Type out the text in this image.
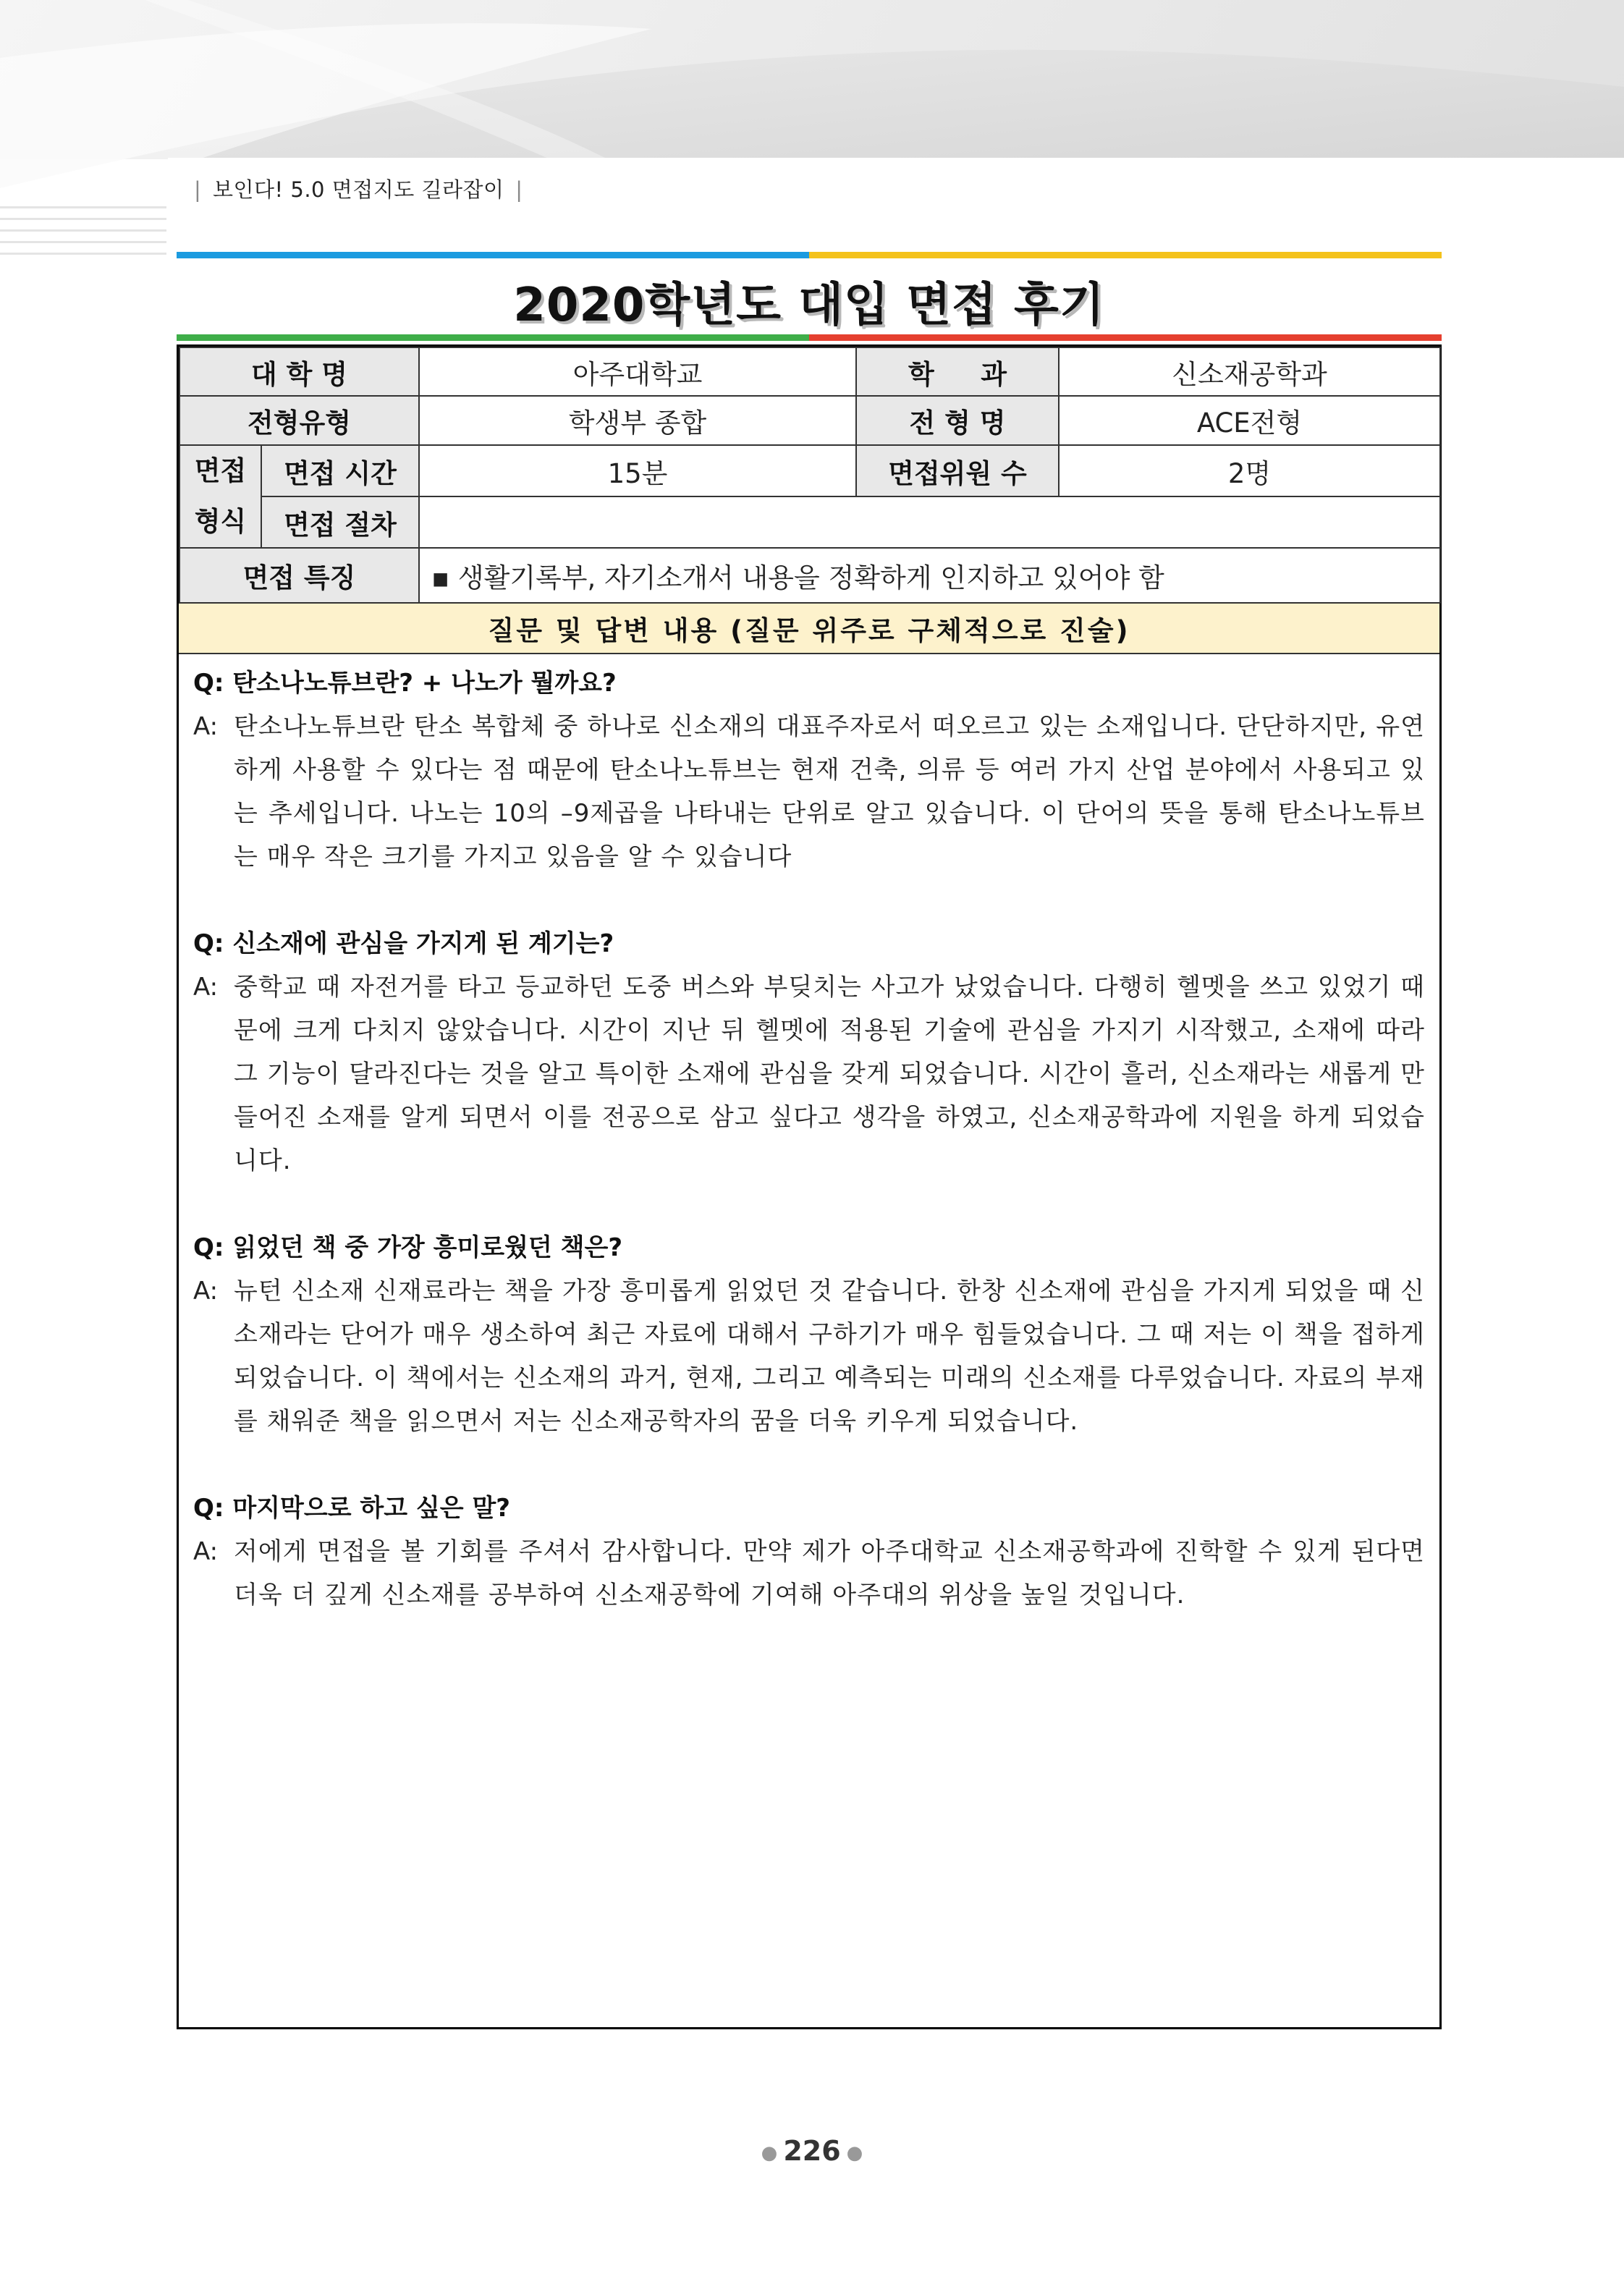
| 보인다! 5.0 면접지도 길라잡이 |
2020학년도 대입 면접 후기
대 학 명		아주대학교	학     과	신소재공학과
전형유형		학생부 종합	전 형 명	ACE전형

면접
형식	면접 시간	15분	면접위원 수	2명
	면접 절차			
면접 특징		▪ 생활기록부, 자기소개서 내용을 정확하게 인지하고 있어야 함		
질문 및 답변 내용 (질문 위주로 구체적으로 진술)

Q: 탄소나노튜브란? + 나노가 뭘까요?

A: 탄소나노튜브란 탄소 복합체 중 하나로 신소재의 대표주자로서 떠오르고 있는 소재입니다. 단단하지만, 유연하게 사용할 수 있다는 점 때문에 탄소나노튜브는 현재 건축, 의류 등 여러 가지 산업 분야에서 사용되고 있는 추세입니다. 나노는 10의 –9제곱을 나타내는 단위로 알고 있습니다. 이 단어의 뜻을 통해 탄소나노튜브는 매우 작은 크기를 가지고 있음을 알 수 있습니다

Q: 신소재에 관심을 가지게 된 계기는?

A: 중학교 때 자전거를 타고 등교하던 도중 버스와 부딪치는 사고가 났었습니다. 다행히 헬멧을 쓰고 있었기 때문에 크게 다치지 않았습니다. 시간이 지난 뒤 헬멧에 적용된 기술에 관심을 가지기 시작했고, 소재에 따라 그 기능이 달라진다는 것을 알고 특이한 소재에 관심을 갖게 되었습니다. 시간이 흘러, 신소재라는 새롭게 만들어진 소재를 알게 되면서 이를 전공으로 삼고 싶다고 생각을 하였고, 신소재공학과에 지원을 하게 되었습니다.

Q: 읽었던 책 중 가장 흥미로웠던 책은?

A: 뉴턴 신소재 신재료라는 책을 가장 흥미롭게 읽었던 것 같습니다. 한창 신소재에 관심을 가지게 되었을 때 신소재라는 단어가 매우 생소하여 최근 자료에 대해서 구하기가 매우 힘들었습니다. 그 때 저는 이 책을 접하게 되었습니다. 이 책에서는 신소재의 과거, 현재, 그리고 예측되는 미래의 신소재를 다루었습니다. 자료의 부재를 채워준 책을 읽으면서 저는 신소재공학자의 꿈을 더욱 키우게 되었습니다.

Q: 마지막으로 하고 싶은 말?

A: 저에게 면접을 볼 기회를 주셔서 감사합니다. 만약 제가 아주대학교 신소재공학과에 진학할 수 있게 된다면 더욱 더 깊게 신소재를 공부하여 신소재공학에 기여해 아주대의 위상을 높일 것입니다.
● 226 ●
